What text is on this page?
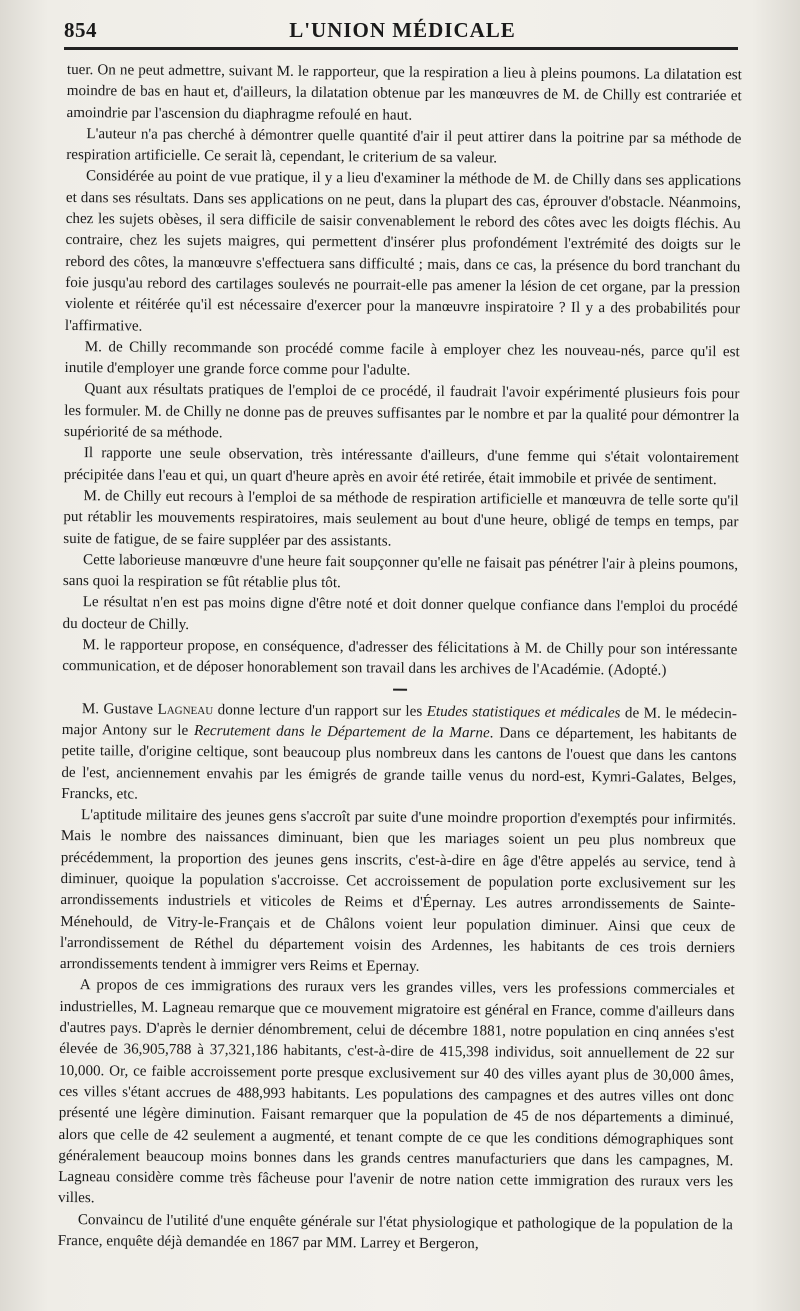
854	L'UNION MÉDICALE

tuer. On ne peut admettre, suivant M. le rapporteur, que la respiration a lieu à pleins poumons. La dilatation est moindre de bas en haut et, d'ailleurs, la dilatation obtenue par les manœuvres de M. de Chilly est contrariée et amoindrie par l'ascension du diaphragme refoulé en haut.

L'auteur n'a pas cherché à démontrer quelle quantité d'air il peut attirer dans la poitrine par sa méthode de respiration artificielle. Ce serait là, cependant, le criterium de sa valeur.

Considérée au point de vue pratique, il y a lieu d'examiner la méthode de M. de Chilly dans ses applications et dans ses résultats. Dans ses applications on ne peut, dans la plupart des cas, éprouver d'obstacle. Néanmoins, chez les sujets obèses, il sera difficile de saisir convenablement le rebord des côtes avec les doigts fléchis. Au contraire, chez les sujets maigres, qui permettent d'insérer plus profondément l'extrémité des doigts sur le rebord des côtes, la manœuvre s'effectuera sans difficulté ; mais, dans ce cas, la présence du bord tranchant du foie jusqu'au rebord des cartilages soulevés ne pourrait-elle pas amener la lésion de cet organe, par la pression violente et réitérée qu'il est nécessaire d'exercer pour la manœuvre inspiratoire ? Il y a des probabilités pour l'affirmative.

M. de Chilly recommande son procédé comme facile à employer chez les nouveau-nés, parce qu'il est inutile d'employer une grande force comme pour l'adulte.

Quant aux résultats pratiques de l'emploi de ce procédé, il faudrait l'avoir expérimenté plusieurs fois pour les formuler. M. de Chilly ne donne pas de preuves suffisantes par le nombre et par la qualité pour démontrer la supériorité de sa méthode.

Il rapporte une seule observation, très intéressante d'ailleurs, d'une femme qui s'était volontairement précipitée dans l'eau et qui, un quart d'heure après en avoir été retirée, était immobile et privée de sentiment.

M. de Chilly eut recours à l'emploi de sa méthode de respiration artificielle et manœuvra de telle sorte qu'il put rétablir les mouvements respiratoires, mais seulement au bout d'une heure, obligé de temps en temps, par suite de fatigue, de se faire suppléer par des assistants.

Cette laborieuse manœuvre d'une heure fait soupçonner qu'elle ne faisait pas pénétrer l'air à pleins poumons, sans quoi la respiration se fût rétablie plus tôt.

Le résultat n'en est pas moins digne d'être noté et doit donner quelque confiance dans l'emploi du procédé du docteur de Chilly.

M. le rapporteur propose, en conséquence, d'adresser des félicitations à M. de Chilly pour son intéressante communication, et de déposer honorablement son travail dans les archives de l'Académie. (Adopté.)

M. Gustave Lagneau donne lecture d'un rapport sur les Etudes statistiques et médicales de M. le médecin-major Antony sur le Recrutement dans le Département de la Marne. Dans ce département, les habitants de petite taille, d'origine celtique, sont beaucoup plus nombreux dans les cantons de l'ouest que dans les cantons de l'est, anciennement envahis par les émigrés de grande taille venus du nord-est, Kymri-Galates, Belges, Francks, etc.

L'aptitude militaire des jeunes gens s'accroît par suite d'une moindre proportion d'exemptés pour infirmités. Mais le nombre des naissances diminuant, bien que les mariages soient un peu plus nombreux que précédemment, la proportion des jeunes gens inscrits, c'est-à-dire en âge d'être appelés au service, tend à diminuer, quoique la population s'accroisse. Cet accroissement de population porte exclusivement sur les arrondissements industriels et viticoles de Reims et d'Épernay. Les autres arrondissements de Sainte-Ménehould, de Vitry-le-Français et de Châlons voient leur population diminuer. Ainsi que ceux de l'arrondissement de Réthel du département voisin des Ardennes, les habitants de ces trois derniers arrondissements tendent à immigrer vers Reims et Epernay.

A propos de ces immigrations des ruraux vers les grandes villes, vers les professions commerciales et industrielles, M. Lagneau remarque que ce mouvement migratoire est général en France, comme d'ailleurs dans d'autres pays. D'après le dernier dénombrement, celui de décembre 1881, notre population en cinq années s'est élevée de 36,905,788 à 37,321,186 habitants, c'est-à-dire de 415,398 individus, soit annuellement de 22 sur 10,000. Or, ce faible accroissement porte presque exclusivement sur 40 des villes ayant plus de 30,000 âmes, ces villes s'étant accrues de 488,993 habitants. Les populations des campagnes et des autres villes ont donc présenté une légère diminution. Faisant remarquer que la population de 45 de nos départements a diminué, alors que celle de 42 seulement a augmenté, et tenant compte de ce que les conditions démographiques sont généralement beaucoup moins bonnes dans les grands centres manufacturiers que dans les campagnes, M. Lagneau considère comme très fâcheuse pour l'avenir de notre nation cette immigration des ruraux vers les villes.

Convaincu de l'utilité d'une enquête générale sur l'état physiologique et pathologique de la population de la France, enquête déjà demandée en 1867 par MM. Larrey et Bergeron,
